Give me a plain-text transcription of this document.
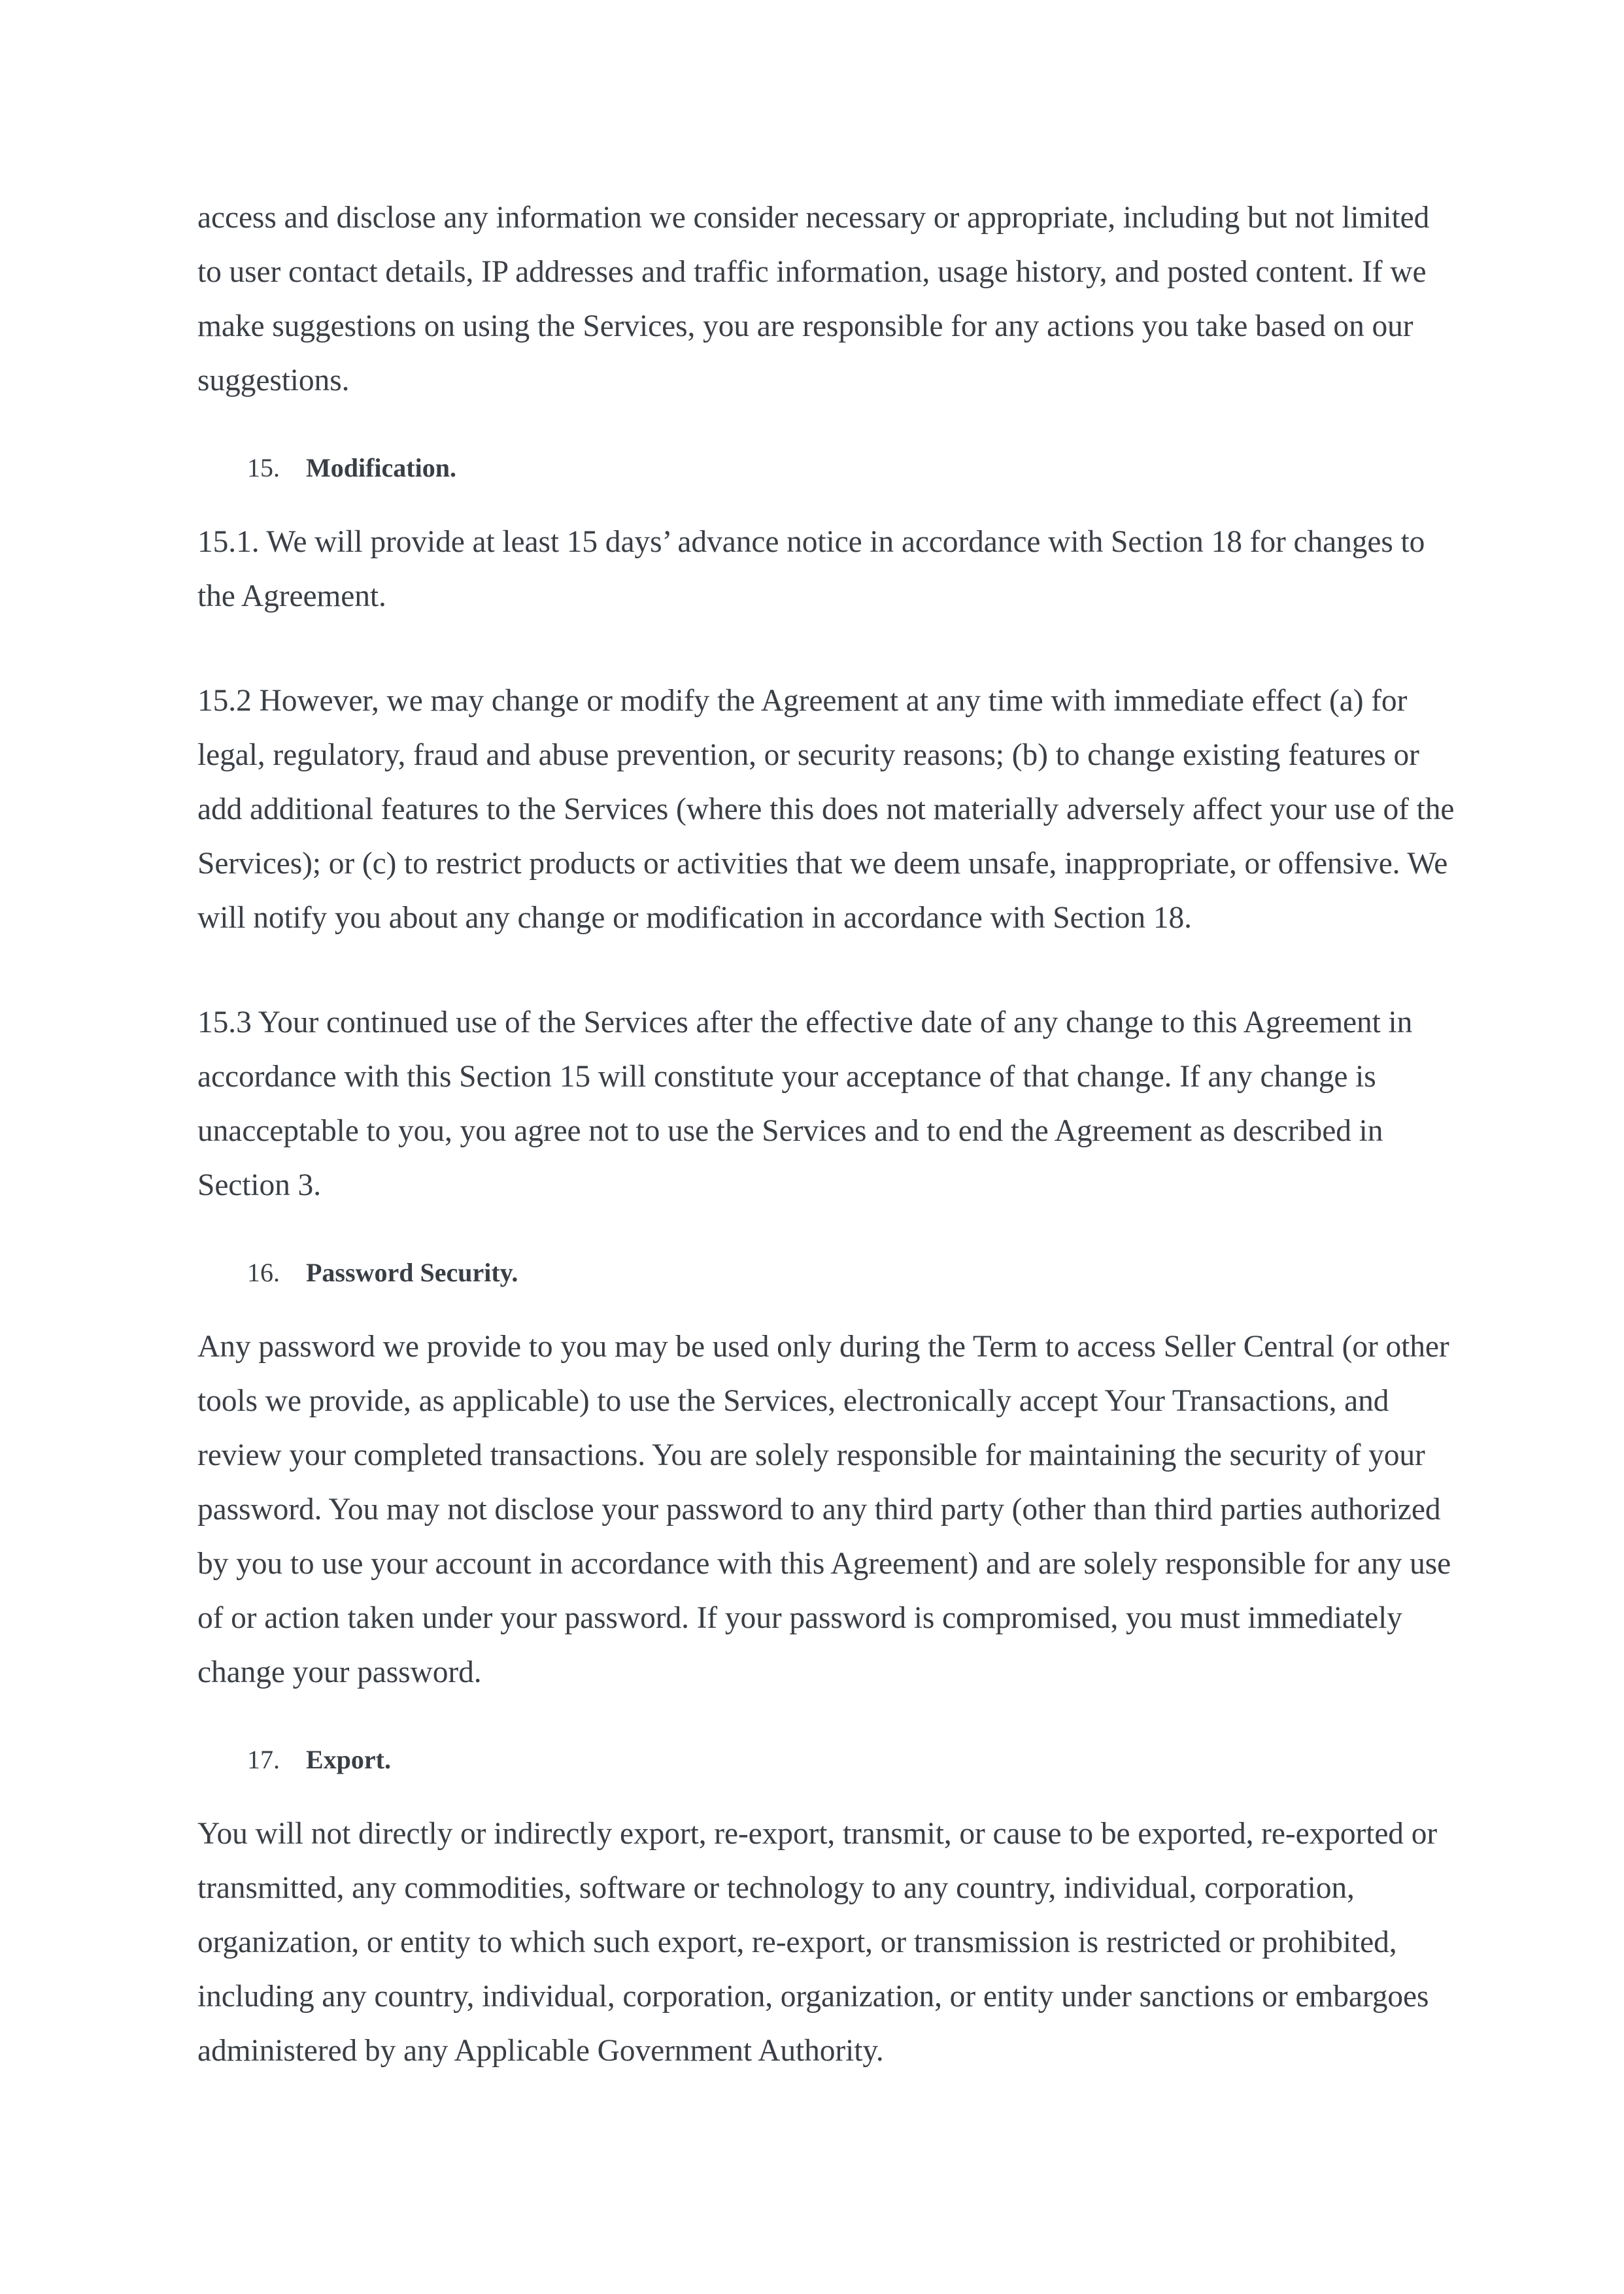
access and disclose any information we consider necessary or appropriate, including but not limited to user contact details, IP addresses and traffic information, usage history, and posted content. If we make suggestions on using the Services, you are responsible for any actions you take based on our suggestions.

15. Modification.

15.1. We will provide at least 15 days’ advance notice in accordance with Section 18 for changes to the Agreement.

15.2 However, we may change or modify the Agreement at any time with immediate effect (a) for legal, regulatory, fraud and abuse prevention, or security reasons; (b) to change existing features or add additional features to the Services (where this does not materially adversely affect your use of the Services); or (c) to restrict products or activities that we deem unsafe, inappropriate, or offensive. We will notify you about any change or modification in accordance with Section 18.

15.3 Your continued use of the Services after the effective date of any change to this Agreement in accordance with this Section 15 will constitute your acceptance of that change. If any change is unacceptable to you, you agree not to use the Services and to end the Agreement as described in Section 3.

16. Password Security.

Any password we provide to you may be used only during the Term to access Seller Central (or other tools we provide, as applicable) to use the Services, electronically accept Your Transactions, and review your completed transactions. You are solely responsible for maintaining the security of your password. You may not disclose your password to any third party (other than third parties authorized by you to use your account in accordance with this Agreement) and are solely responsible for any use of or action taken under your password. If your password is compromised, you must immediately change your password.

17. Export.

You will not directly or indirectly export, re-export, transmit, or cause to be exported, re-exported or transmitted, any commodities, software or technology to any country, individual, corporation, organization, or entity to which such export, re-export, or transmission is restricted or prohibited, including any country, individual, corporation, organization, or entity under sanctions or embargoes administered by any Applicable Government Authority.
